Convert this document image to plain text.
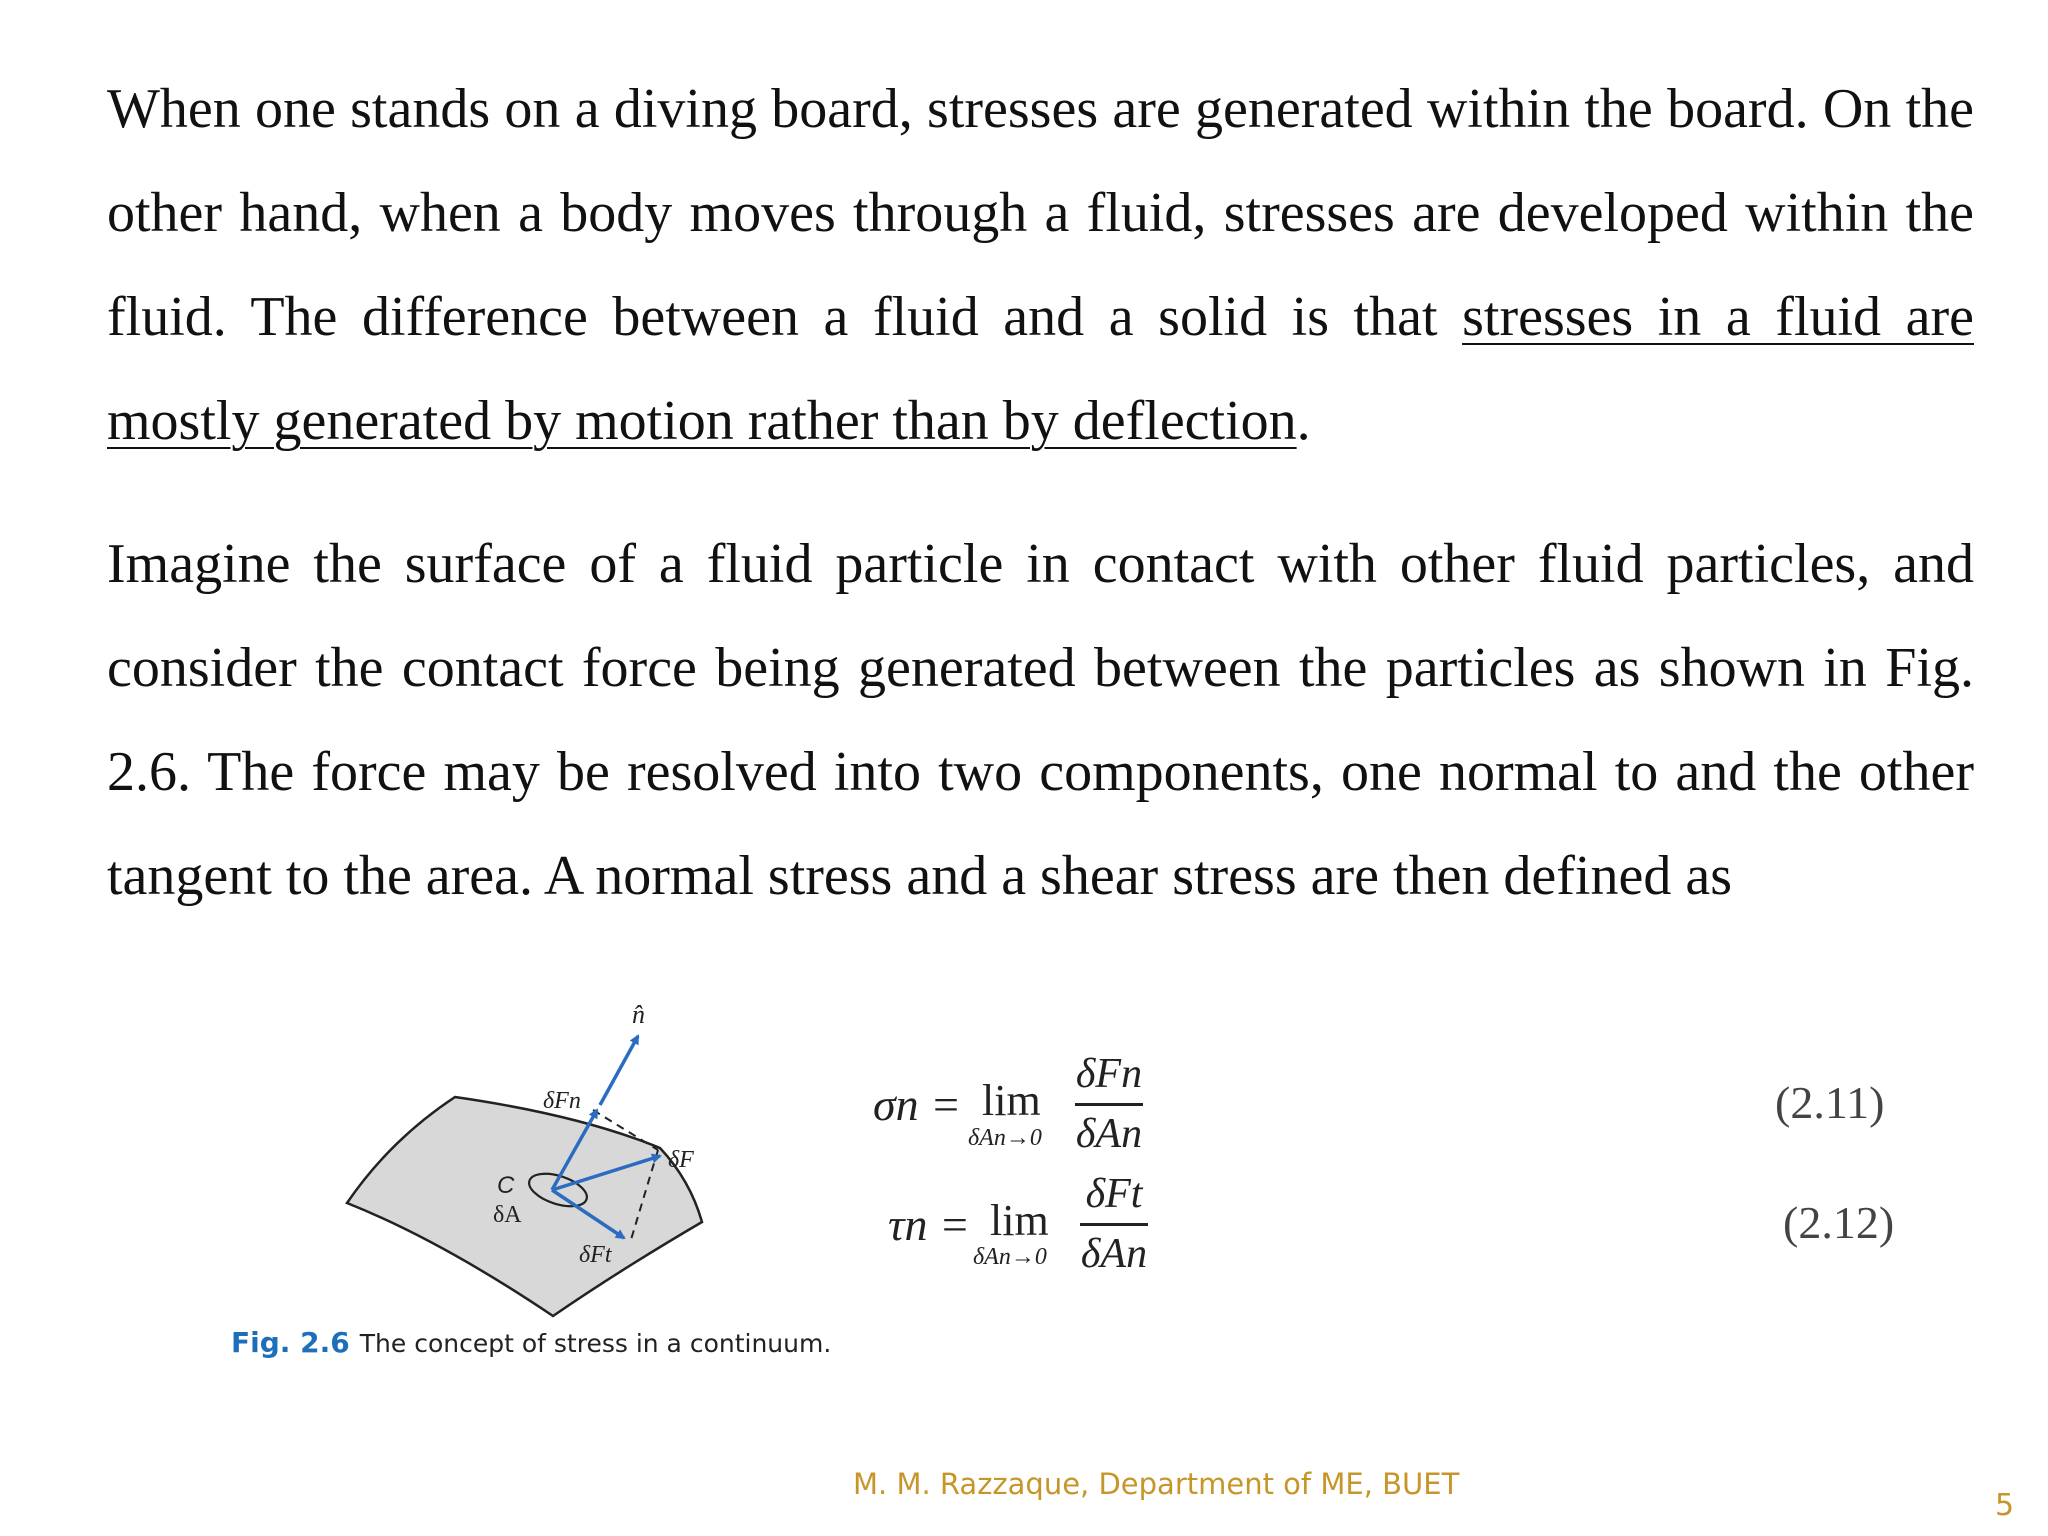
When one stands on a diving board, stresses are generated within the board. On the other hand, when a body moves through a fluid, stresses are developed within the fluid. The difference between a fluid and a solid is that stresses in a fluid are mostly generated by motion rather than by deflection.

Imagine the surface of a fluid particle in contact with other fluid particles, and consider the contact force being generated between the particles as shown in Fig. 2.6. The force may be resolved into two components, one normal to and the other tangent to the area. A normal stress and a shear stress are then defined as

n̂
δFn
δF
C
δA
δFt
Fig. 2.6 The concept of stress in a continuum.
σn = lim
δAn→0
δFn
δAn
(2.11)
τn = lim
δAn→0
δFt
δAn
(2.12)
M. M. Razzaque, Department of ME, BUET
5
